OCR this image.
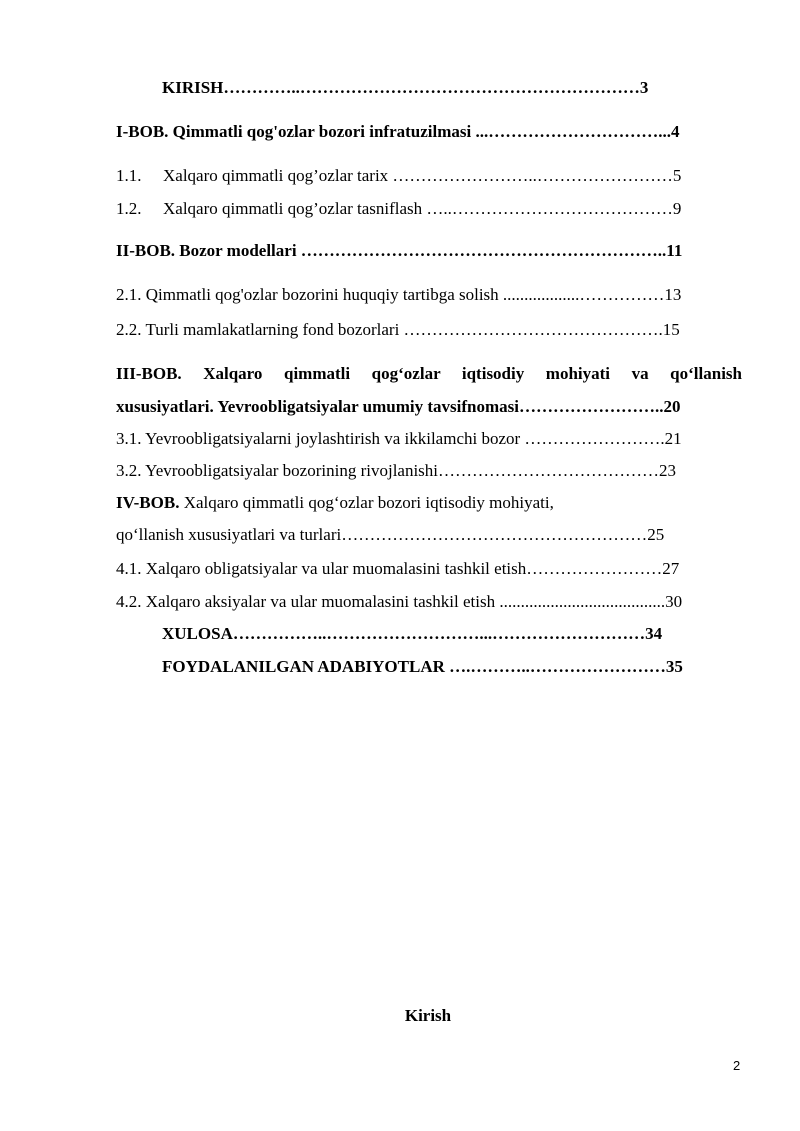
KIRISH…………..……………………………………………………3
I-BOB. Qimmatli qog'ozlar bozori infratuzilmasi ...…………………………...4
1.1. Xalqaro qimmatli qog’ozlar tarix ……………………..……………………5
1.2. Xalqaro qimmatli qog’ozlar tasniflash …..…………………………………9
II-BOB. Bozor modellari ………………………………………………………..11
2.1. Qimmatli qog'ozlar bozorini huquqiy tartibga solish ..................……………13
2.2. Turli mamlakatlarning fond bozorlari ……………………………………….15
III-BOB. Xalqaro qimmatli qog‘ozlar iqtisodiy mohiyati va qo‘llanish
xususiyatlari. Yevroobligatsiyalar umumiy tavsifnomasi……………………..20
3.1. Yevroobligatsiyalarni joylashtirish va ikkilamchi bozor …………………….21
3.2. Yevroobligatsiyalar bozorining rivojlanishi…………………………………23
IV-BOB. Xalqaro qimmatli qog‘ozlar bozori iqtisodiy mohiyati,
qo‘llanish xususiyatlari va turlari………………………………………………25
4.1. Xalqaro obligatsiyalar va ular muomalasini tashkil etish……………………27
4.2. Xalqaro aksiyalar va ular muomalasini tashkil etish .......................................30
XULOSA……………..………………………...………………………34
FOYDALANILGAN ADABIYOTLAR ….………..……………………35
Kirish
2
